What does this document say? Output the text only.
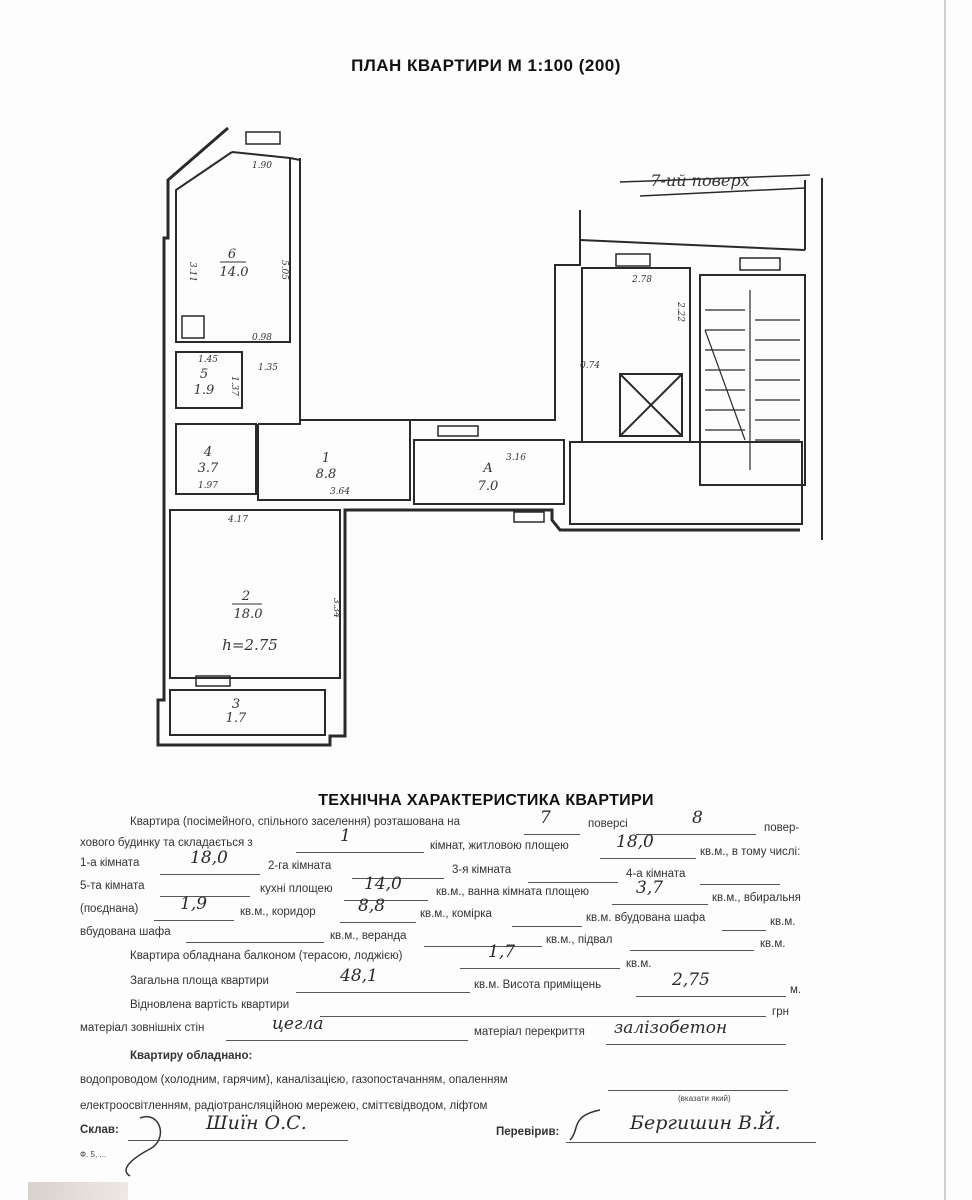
ПЛАН КВАРТИРИ М 1:100 (200)
6
14.0
5
1.9
4
3.7
1
8.8	А
7.0
2
18.0
h=2.75
3
1.7
7-ий поверх
1.90
3.11	5.05
0.98
1.45
1.35
1.37
1.97
3.64
3.16
4.17
3.34
2.78
2.22
0.74
ТЕХНІЧНА ХАРАКТЕРИСТИКА КВАРТИРИ
Квартира (посімейного, спільного заселення) розташована на	7	поверсі	8	повер-
хового будинку та складається з	1	кімнат, житловою площею	18,0	кв.м., в тому числі:
1-а кімната	18,0	2-га кімната	3-я кімната	4-а кімната
5-та кімната	кухні площею 14,0	кв.м., ванна кімната площею	3,7	кв.м., вбиральня
(поєднана) 1,9	кв.м., коридор 8,8	кв.м., комірка	кв.м. вбудована шафа	кв.м.
вбудована шафа	кв.м., веранда	кв.м., підвал	кв.м.
Квартира обладнана балконом (терасою, лоджією)	1,7
кв.м.
Загальна площа квартири	48,1	кв.м. Висота приміщень	2,75	м.
Відновлена вартість квартири
грн
матеріал зовнішніх стін	цегла	матеріал перекриття залізобетон
Квартиру обладнано:
водопроводом (холодним, гарячим), каналізацією, газопостачанням, опаленням
(вказати який)
електроосвітленням, радіотрансляційною мережею, сміттєвідводом, ліфтом
Склав:	Шиїн О.С.	Перевірив:	Бергишин В.Й.
Ф. 5, ...
